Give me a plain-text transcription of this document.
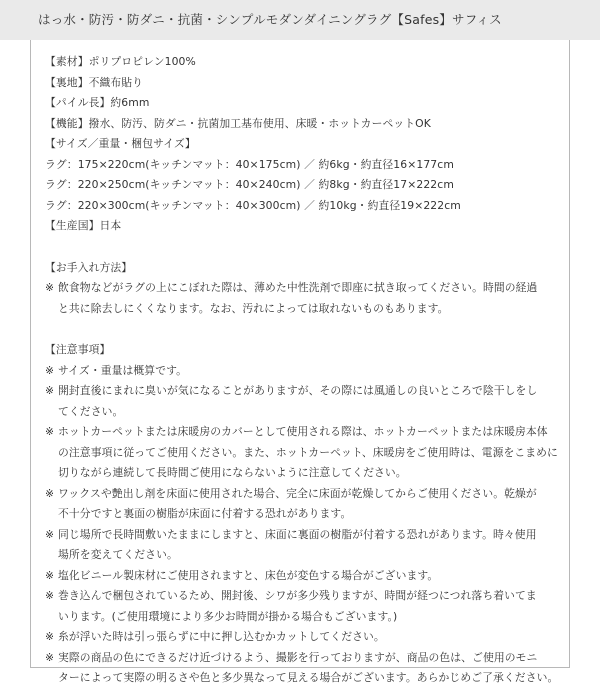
はっ水・防汚・防ダニ・抗菌・シンプルモダンダイニングラグ【Safes】サフィス
【素材】ポリプロピレン100%
【裏地】不織布貼り
【パイル長】約6mm
【機能】撥水、防汚、防ダニ・抗菌加工基布使用、床暖・ホットカーペットOK
【サイズ／重量・梱包サイズ】
ラグ：175×220cm(キッチンマット：40×175cm) ／ 約6kg・約直径16×177cm
ラグ：220×250cm(キッチンマット：40×240cm) ／ 約8kg・約直径17×222cm
ラグ：220×300cm(キッチンマット：40×300cm) ／ 約10kg・約直径19×222cm
【生産国】日本
【お手入れ方法】
※ 飲食物などがラグの上にこぼれた際は、薄めた中性洗剤で即座に拭き取ってください。時間の経過
と共に除去しにくくなります。なお、汚れによっては取れないものもあります。
【注意事項】
※ サイズ・重量は概算です。
※ 開封直後にまれに臭いが気になることがありますが、その際には風通しの良いところで陰干しをし
てください。
※ ホットカーペットまたは床暖房のカバーとして使用される際は、ホットカーペットまたは床暖房本体
の注意事項に従ってご使用ください。また、ホットカーペット、床暖房をご使用時は、電源をこまめに
切りながら連続して長時間ご使用にならないように注意してください。
※ ワックスや艶出し剤を床面に使用された場合、完全に床面が乾燥してからご使用ください。乾燥が
不十分ですと裏面の樹脂が床面に付着する恐れがあります。
※ 同じ場所で長時間敷いたままにしますと、床面に裏面の樹脂が付着する恐れがあります。時々使用
場所を変えてください。
※ 塩化ビニール製床材にご使用されますと、床色が変色する場合がございます。
※ 巻き込んで梱包されているため、開封後、シワが多少残りますが、時間が経つにつれ落ち着いてま
いります。(ご使用環境により多少お時間が掛かる場合もございます。)
※ 糸が浮いた時は引っ張らずに中に押し込むかカットしてください。
※ 実際の商品の色にできるだけ近づけるよう、撮影を行っておりますが、商品の色は、ご使用のモニ
ターによって実際の明るさや色と多少異なって見える場合がございます。あらかじめご了承ください。
